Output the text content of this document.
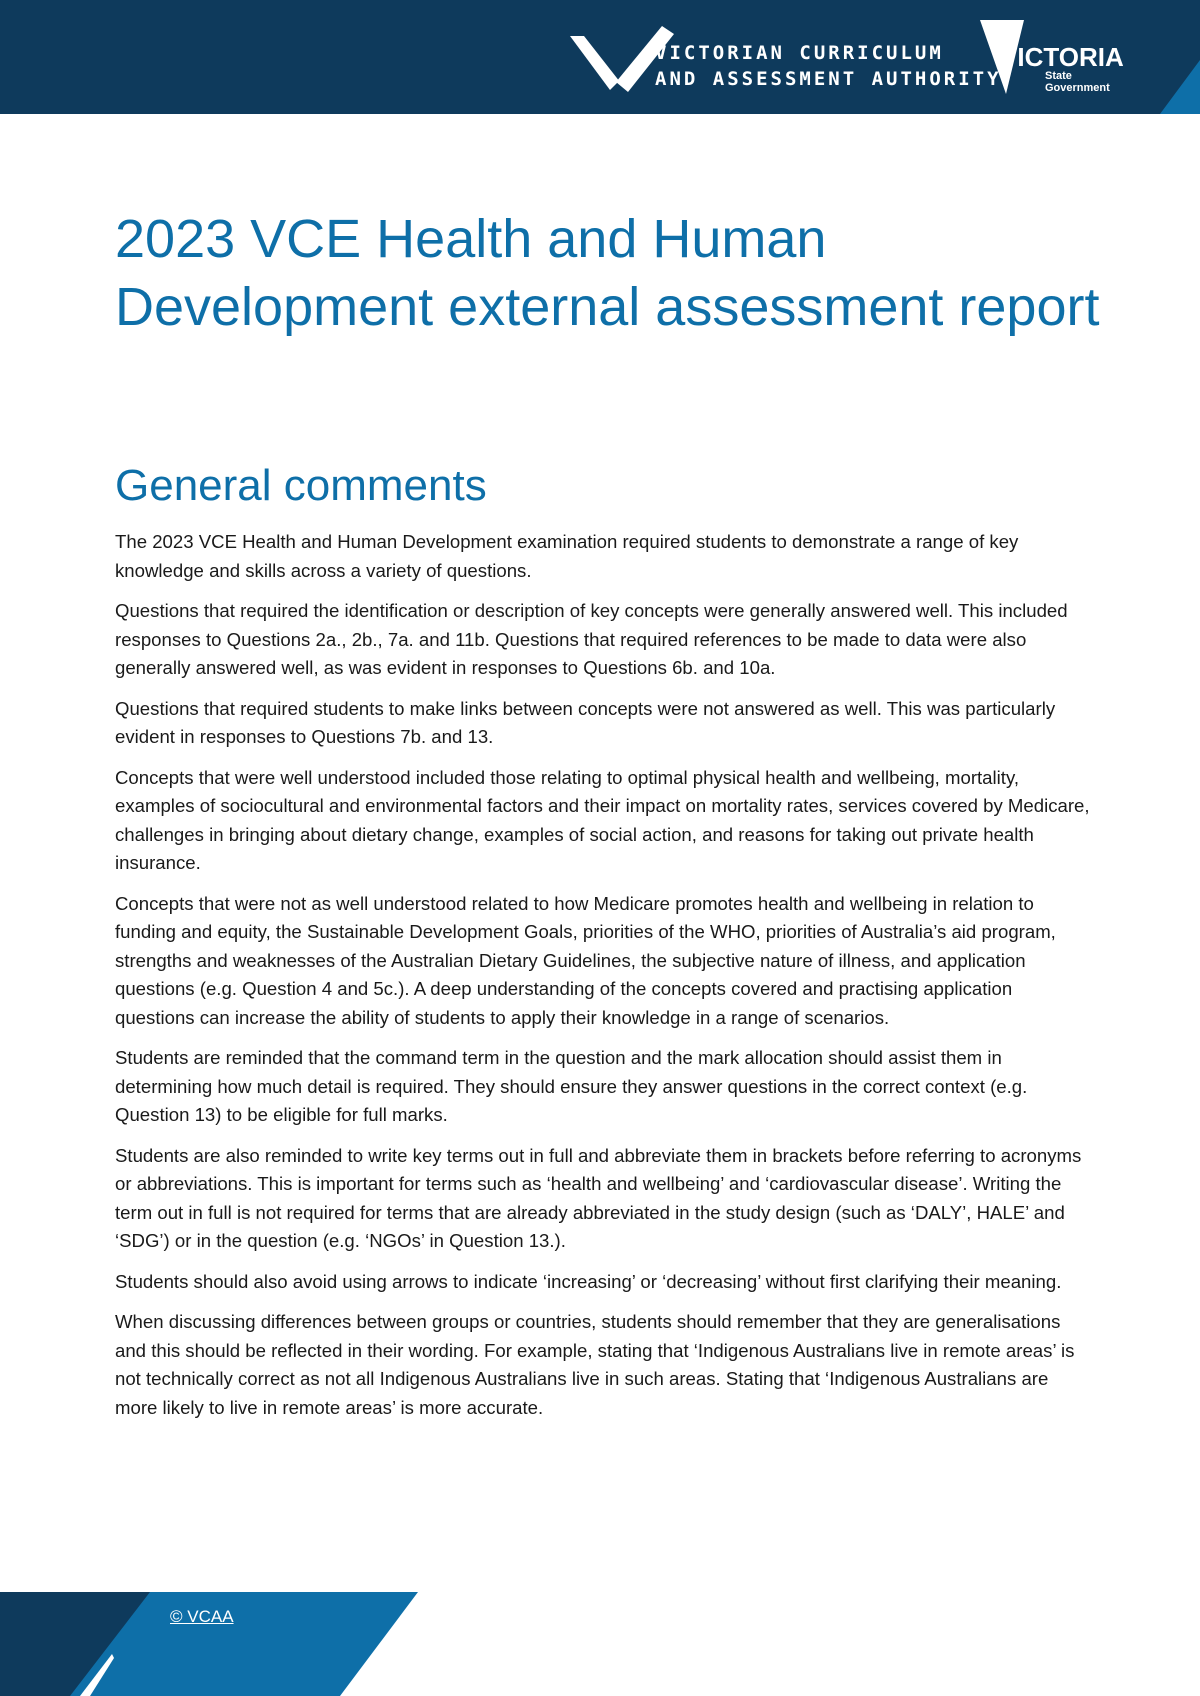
VICTORIAN CURRICULUM
AND ASSESSMENT AUTHORITY
VICTORIA
State
Government
2023 VCE Health and Human Development external assessment report
General comments

The 2023 VCE Health and Human Development examination required students to demonstrate a range of key knowledge and skills across a variety of questions.

Questions that required the identification or description of key concepts were generally answered well. This included responses to Questions 2a., 2b., 7a. and 11b. Questions that required references to be made to data were also generally answered well, as was evident in responses to Questions 6b. and 10a.

Questions that required students to make links between concepts were not answered as well. This was particularly evident in responses to Questions 7b. and 13.

Concepts that were well understood included those relating to optimal physical health and wellbeing, mortality, examples of sociocultural and environmental factors and their impact on mortality rates, services covered by Medicare, challenges in bringing about dietary change, examples of social action, and reasons for taking out private health insurance.

Concepts that were not as well understood related to how Medicare promotes health and wellbeing in relation to funding and equity, the Sustainable Development Goals, priorities of the WHO, priorities of Australia’s aid program, strengths and weaknesses of the Australian Dietary Guidelines, the subjective nature of illness, and application questions (e.g. Question 4 and 5c.). A deep understanding of the concepts covered and practising application questions can increase the ability of students to apply their knowledge in a range of scenarios.

Students are reminded that the command term in the question and the mark allocation should assist them in determining how much detail is required. They should ensure they answer questions in the correct context (e.g. Question 13) to be eligible for full marks.

Students are also reminded to write key terms out in full and abbreviate them in brackets before referring to acronyms or abbreviations. This is important for terms such as ‘health and wellbeing’ and ‘cardiovascular disease’. Writing the term out in full is not required for terms that are already abbreviated in the study design (such as ‘DALY’, HALE’ and ‘SDG’) or in the question (e.g. ‘NGOs’ in Question 13.).

Students should also avoid using arrows to indicate ‘increasing’ or ‘decreasing’ without first clarifying their meaning.

When discussing differences between groups or countries, students should remember that they are generalisations and this should be reflected in their wording. For example, stating that ‘Indigenous Australians live in remote areas’ is not technically correct as not all Indigenous Australians live in such areas. Stating that ‘Indigenous Australians are more likely to live in remote areas’ is more accurate.

© VCAA
